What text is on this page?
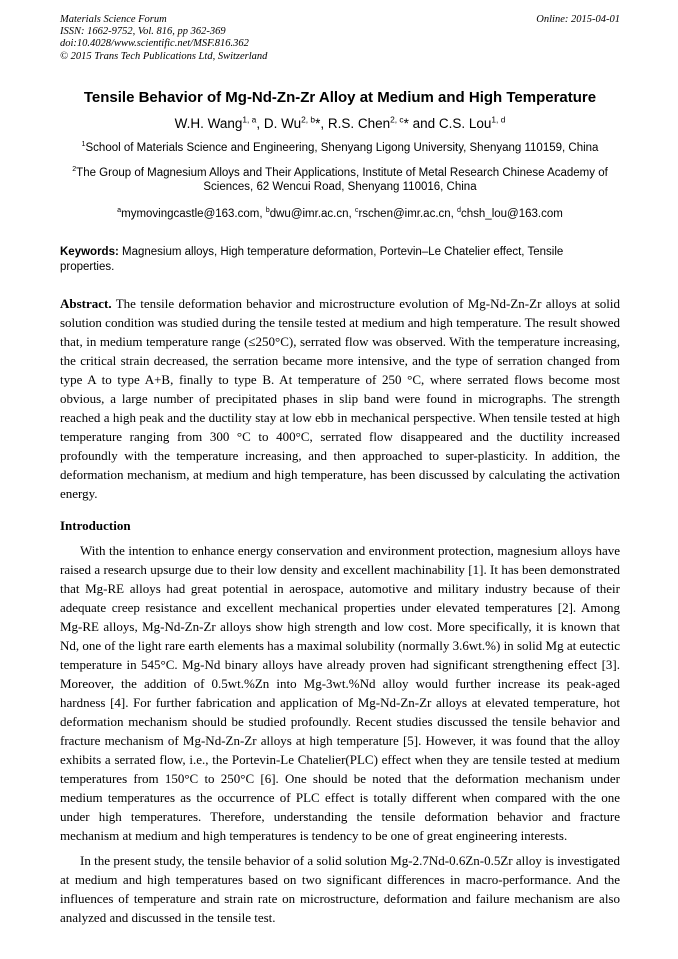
Materials Science Forum
ISSN: 1662-9752, Vol. 816, pp 362-369
doi:10.4028/www.scientific.net/MSF.816.362
© 2015 Trans Tech Publications Ltd, Switzerland
Online: 2015-04-01
Tensile Behavior of Mg-Nd-Zn-Zr Alloy at Medium and High Temperature
W.H. Wang$^{1, a}$, D. Wu$^{2, b}$*, R.S. Chen$^{2, c}$* and C.S. Lou$^{1, d}$
$^1$School of Materials Science and Engineering, Shenyang Ligong University, Shenyang 110159, China
$^2$The Group of Magnesium Alloys and Their Applications, Institute of Metal Research Chinese Academy of Sciences, 62 Wencui Road, Shenyang 110016, China
$^a$mymovingcastle@163.com, $^b$dwu@imr.ac.cn, $^c$rschen@imr.ac.cn, $^d$chsh_lou@163.com
Keywords: Magnesium alloys, High temperature deformation, Portevin–Le Chatelier effect, Tensile properties.
Abstract. The tensile deformation behavior and microstructure evolution of Mg-Nd-Zn-Zr alloys at solid solution condition was studied during the tensile tested at medium and high temperature. The result showed that, in medium temperature range (≤250°C), serrated flow was observed. With the temperature increasing, the critical strain decreased, the serration became more intensive, and the type of serration changed from type A to type A+B, finally to type B. At temperature of 250 °C, where serrated flows become most obvious, a large number of precipitated phases in slip band were found in micrographs. The strength reached a high peak and the ductility stay at low ebb in mechanical perspective. When tensile tested at high temperature ranging from 300 °C to 400°C, serrated flow disappeared and the ductility increased profoundly with the temperature increasing, and then approached to super-plasticity. In addition, the deformation mechanism, at medium and high temperature, has been discussed by calculating the activation energy.
Introduction

With the intention to enhance energy conservation and environment protection, magnesium alloys have raised a research upsurge due to their low density and excellent machinability [1]. It has been demonstrated that Mg-RE alloys had great potential in aerospace, automotive and military industry because of their adequate creep resistance and excellent mechanical properties under elevated temperatures [2]. Among Mg-RE alloys, Mg-Nd-Zn-Zr alloys show high strength and low cost. More specifically, it is known that Nd, one of the light rare earth elements has a maximal solubility (normally 3.6wt.%) in solid Mg at eutectic temperature in 545°C. Mg-Nd binary alloys have already proven had significant strengthening effect [3]. Moreover, the addition of 0.5wt.%Zn into Mg-3wt.%Nd alloy would further increase its peak-aged hardness [4]. For further fabrication and application of Mg-Nd-Zn-Zr alloys at elevated temperature, hot deformation mechanism should be studied profoundly. Recent studies discussed the tensile behavior and fracture mechanism of Mg-Nd-Zn-Zr alloys at high temperature [5]. However, it was found that the alloy exhibits a serrated flow, i.e., the Portevin-Le Chatelier(PLC) effect when they are tensile tested at medium temperatures from 150°C to 250°C [6]. One should be noted that the deformation mechanism under medium temperatures as the occurrence of PLC effect is totally different when compared with the one under high temperatures. Therefore, understanding the tensile deformation behavior and fracture mechanism at medium and high temperatures is tendency to be one of great engineering interests.

In the present study, the tensile behavior of a solid solution Mg-2.7Nd-0.6Zn-0.5Zr alloy is investigated at medium and high temperatures based on two significant differences in macro-performance. And the influences of temperature and strain rate on microstructure, deformation and failure mechanism are also analyzed and discussed in the tensile test.
